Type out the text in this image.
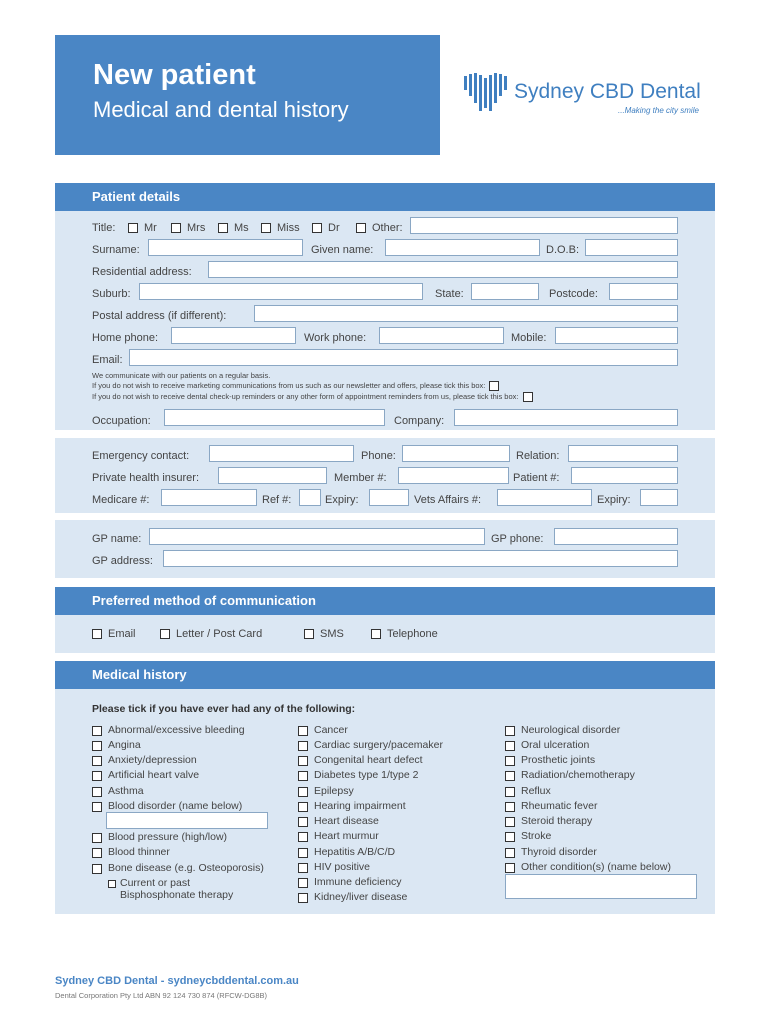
New patient
Medical and dental history
Sydney CBD Dental
...Making the city smile
Patient details
Title:	Mr	Mrs	Ms	Miss	Dr	Other:
Surname:	Given name:	D.O.B:
Residential address:
Suburb:	State:	Postcode:
Postal address (if different):
Home phone:	Work phone:	Mobile:
Email:
We communicate with our patients on a regular basis.
If you do not wish to receive marketing communications from us such as our newsletter and offers, please tick this box:
If you do not wish to receive dental check-up reminders or any other form of appointment reminders from us, please tick this box:
Occupation:	Company:
Emergency contact:	Phone:	Relation:
Private health insurer:	Member #:	Patient #:
Medicare #:	Ref #:	Expiry:	Vets Affairs #:	Expiry:
GP name:	GP phone:
GP address:
Preferred method of communication
Email	Letter / Post Card	SMS	Telephone
Medical history
Please tick if you have ever had any of the following:
Abnormal/excessive bleeding
Angina
Anxiety/depression
Artificial heart valve
Asthma
Blood disorder (name below)
Blood pressure (high/low)
Blood thinner
Bone disease (e.g. Osteoporosis)
Current or past
Bisphosphonate therapy
Cancer
Cardiac surgery/pacemaker
Congenital heart defect
Diabetes type 1/type 2
Epilepsy
Hearing impairment
Heart disease
Heart murmur
Hepatitis A/B/C/D
HIV positive
Immune deficiency
Kidney/liver disease
Neurological disorder
Oral ulceration
Prosthetic joints
Radiation/chemotherapy
Reflux
Rheumatic fever
Steroid therapy
Stroke
Thyroid disorder
Other condition(s) (name below)
Sydney CBD Dental - sydneycbddental.com.au
Dental Corporation Pty Ltd ABN 92 124 730 874 (RFCW-DG8B)
